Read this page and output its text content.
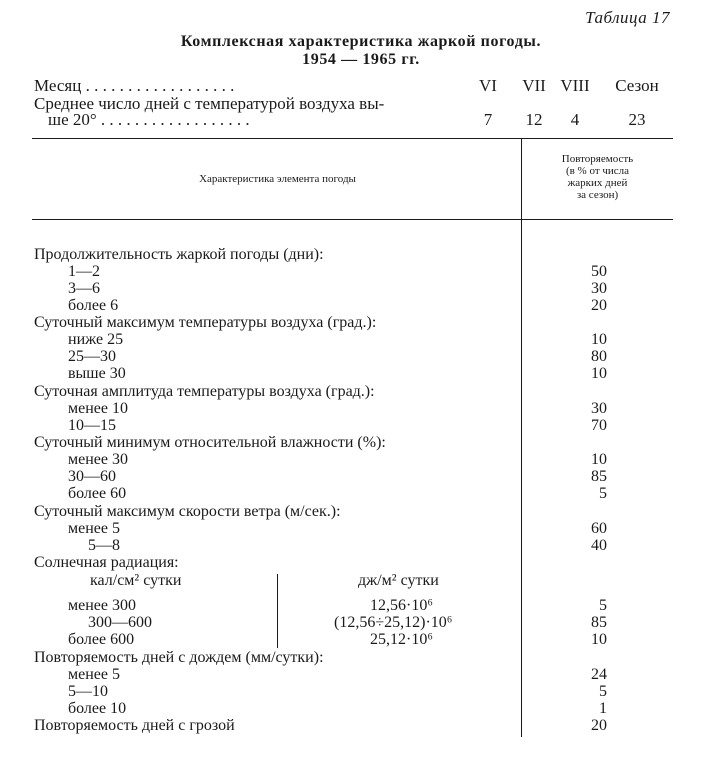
Таблица 17
Комплексная характеристика жаркой погоды.
1954 — 1965 гг.
Месяц . . . . . . . . . . . . . . . . . .	VI	VII VIII	Сезон
Среднее число дней с температурой воздуха вы-
ше 20° . . . . . . . . . . . . . . . . . .	7	12	4	23
Характеристика элемента погоды
Повторяемость
(в % от числа
жарких дней
за сезон)
Продолжительность жаркой погоды (дни):
1—2	50
3—6	30
более 6	20
Суточный максимум температуры воздуха (град.):
ниже 25	10
25—30	80
выше 30	10
Суточная амплитуда температуры воздуха (град.):
менее 10	30
10—15	70
Суточный минимум относительной влажности (%):
менее 30	10
30—60	85
более 60	5
Суточный максимум скорости ветра (м/сек.):
менее 5	60
5—8	40
Солнечная радиация:
кал/см² сутки	дж/м² сутки
менее 300	12,56·10⁶	5
300—600	(12,56÷25,12)·10⁶	85
более 600	25,12·10⁶	10
Повторяемость дней с дождем (мм/сутки):
менее 5	24
5—10	5
более 10	1
Повторяемость дней с грозой	20
